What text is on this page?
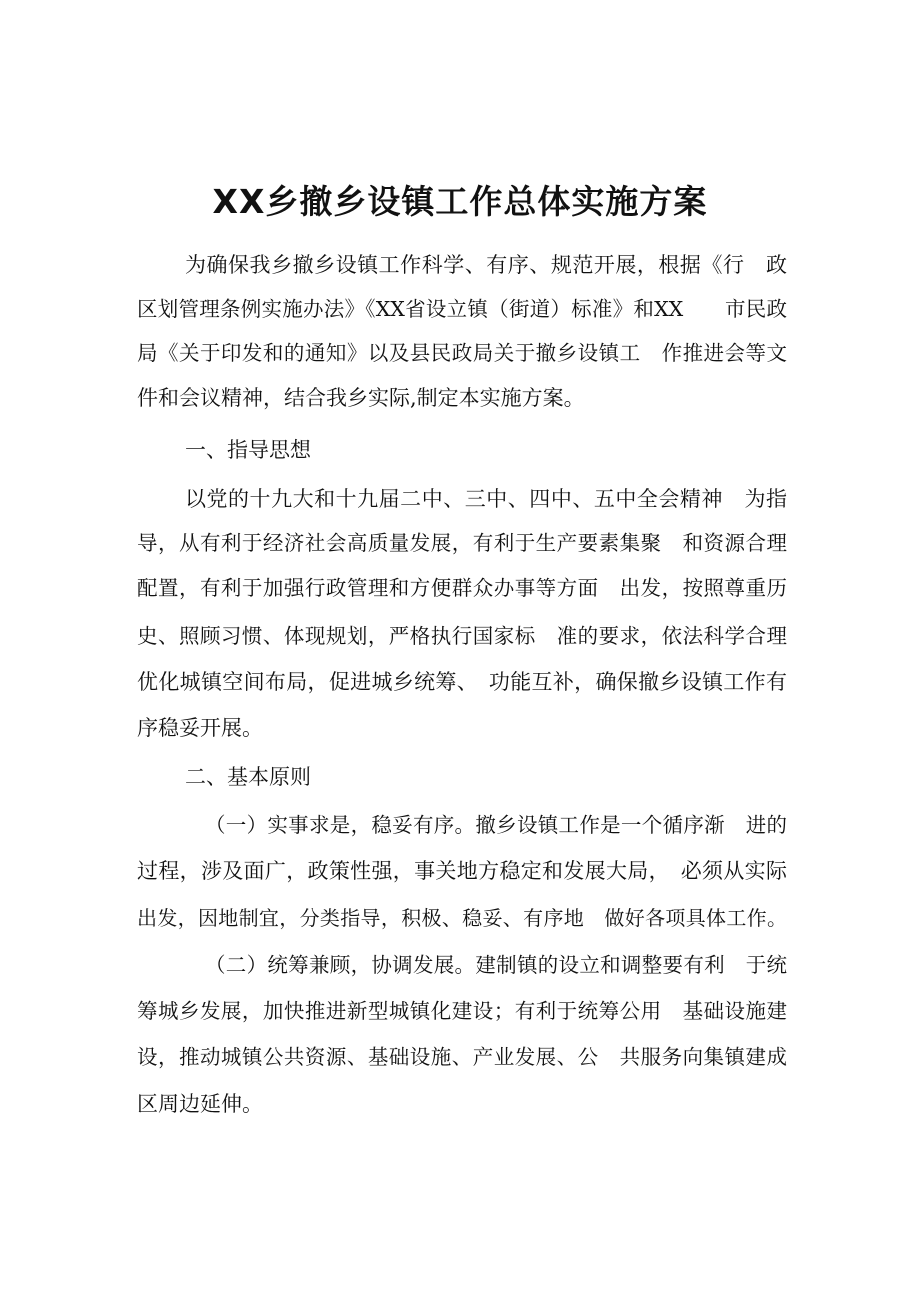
XX乡撤乡设镇工作总体实施方案

为确保我乡撤乡设镇工作科学、有序、规范开展，根据《行　政

区划管理条例实施办法》《XX省设立镇（街道）标准》和XX　　市民政

局《关于印发和的通知》以及县民政局关于撤乡设镇工　作推进会等文

件和会议精神，结合我乡实际,制定本实施方案。

一、指导思想

以党的十九大和十九届二中、三中、四中、五中全会精神　为指

导，从有利于经济社会高质量发展，有利于生产要素集聚　和资源合理

配置，有利于加强行政管理和方便群众办事等方面　出发，按照尊重历

史、照顾习惯、体现规划，严格执行国家标　准的要求，依法科学合理

优化城镇空间布局，促进城乡统筹、　功能互补，确保撤乡设镇工作有

序稳妥开展。

二、基本原则

（一）实事求是，稳妥有序。撤乡设镇工作是一个循序渐　进的

过程，涉及面广，政策性强，事关地方稳定和发展大局，　必须从实际

出发，因地制宜，分类指导，积极、稳妥、有序地　做好各项具体工作。

（二）统筹兼顾，协调发展。建制镇的设立和调整要有利　于统

筹城乡发展，加快推进新型城镇化建设；有利于统筹公用　基础设施建

设，推动城镇公共资源、基础设施、产业发展、公　共服务向集镇建成

区周边延伸。
